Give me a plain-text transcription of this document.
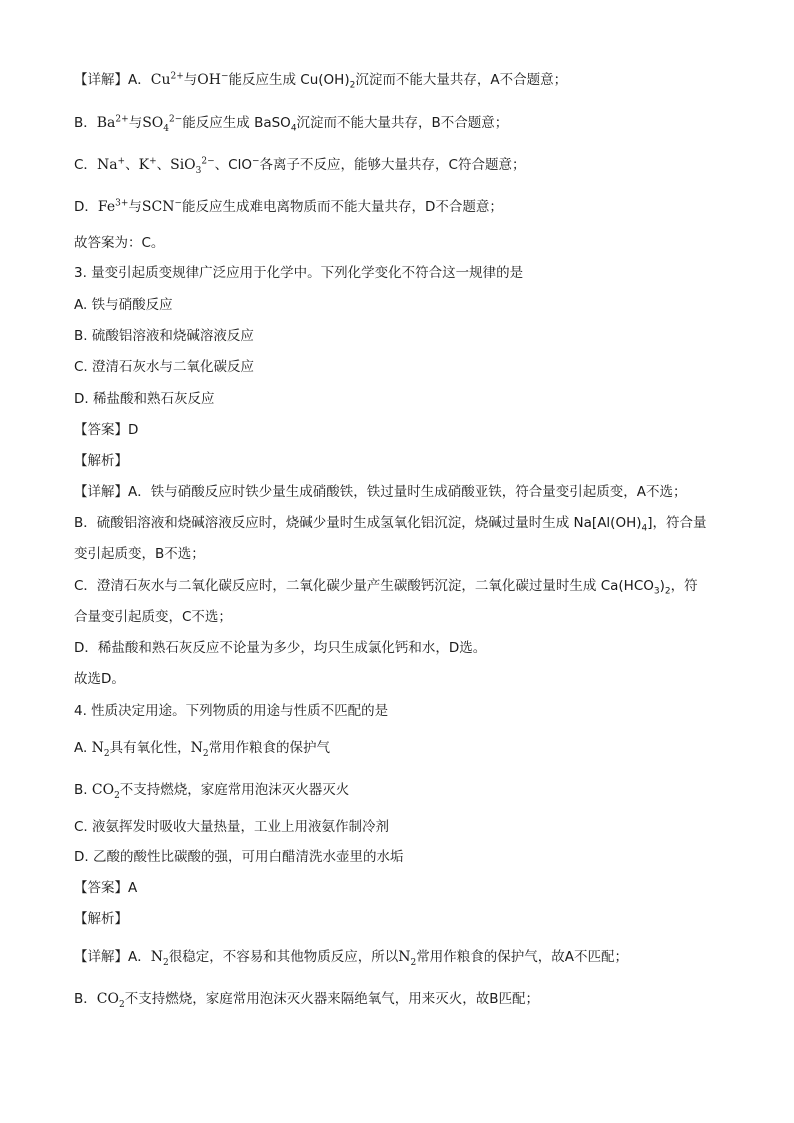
【详解】A．$Cu^{2+}$与OH−能反应生成 $Cu(OH)_2$沉淀而不能大量共存，A不合题意；
B．$Ba^{2+}$与$SO_4^{2-}$能反应生成 BaSO$_4$沉淀而不能大量共存，B不合题意；
C．Na+、K+、SiO$_3^{2-}$、ClO−各离子不反应，能够大量共存，C符合题意；
D．$Fe^{3+}$与SCN−能反应生成难电离物质而不能大量共存，D不合题意；
故答案为：C。
3. 量变引起质变规律广泛应用于化学中。下列化学变化不符合这一规律的是
A. 铁与硝酸反应
B. 硫酸铝溶液和烧碱溶液反应
C. 澄清石灰水与二氧化碳反应
D. 稀盐酸和熟石灰反应
【答案】D
【解析】
【详解】A．铁与硝酸反应时铁少量生成硝酸铁，铁过量时生成硝酸亚铁，符合量变引起质变，A不选；
B．硫酸铝溶液和烧碱溶液反应时，烧碱少量时生成氢氧化铝沉淀，烧碱过量时生成 $Na[Al(OH)_4]$，符合量
变引起质变，B不选；
C．澄清石灰水与二氧化碳反应时，二氧化碳少量产生碳酸钙沉淀，二氧化碳过量时生成 $Ca(HCO_3)_2$，符
合量变引起质变，C不选；
D．稀盐酸和熟石灰反应不论量为多少，均只生成氯化钙和水，D选。
故选D。
4. 性质决定用途。下列物质的用途与性质不匹配的是
A. $N_2$具有氧化性，$N_2$常用作粮食的保护气
B. $CO_2$不支持燃烧，家庭常用泡沫灭火器灭火
C. 液氨挥发时吸收大量热量，工业上用液氨作制冷剂
D. 乙酸的酸性比碳酸的强，可用白醋清洗水壶里的水垢
【答案】A
【解析】
【详解】A．$N_2$很稳定，不容易和其他物质反应，所以$N_2$常用作粮食的保护气，故A不匹配；
B．$CO_2$不支持燃烧，家庭常用泡沫灭火器来隔绝氧气，用来灭火，故B匹配；
